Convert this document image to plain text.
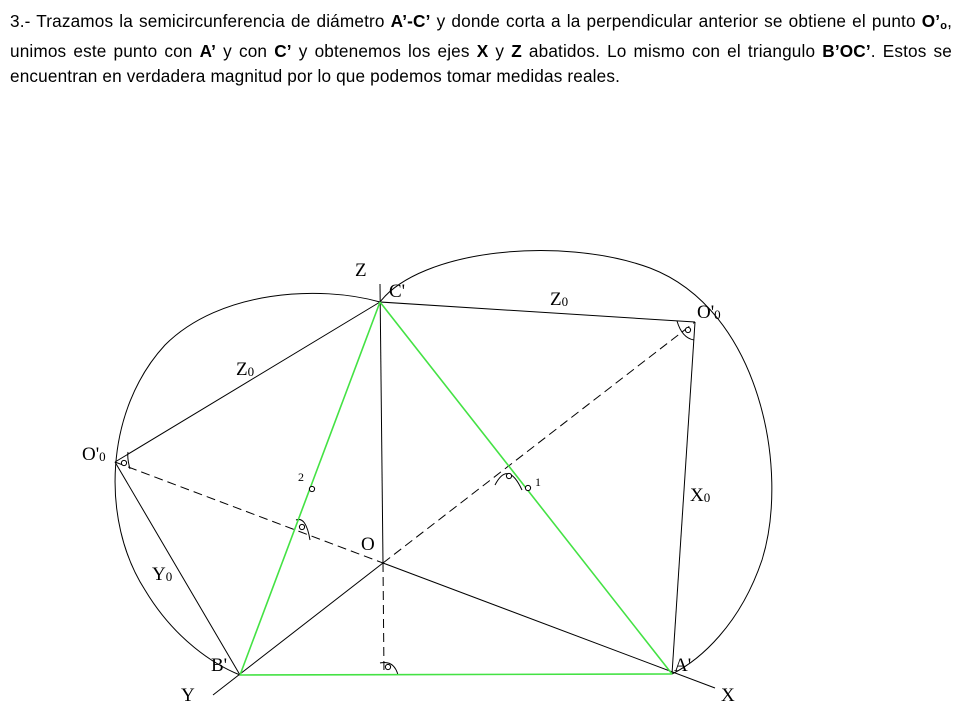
3.- Trazamos la semicircunferencia de diámetro A’-C’ y donde corta a la perpendicular anterior se obtiene el punto $O’_o$, unimos este punto con A’ y con C’ y obtenemos los ejes X y Z abatidos. Lo mismo con el triangulo B’OC’. Estos se encuentran en verdadera magnitud por lo que podemos tomar medidas reales.
Z
C'	Z0
O'0
Z0
O'0
X0
Y0
O
B'	A'
X
Y
1
2
